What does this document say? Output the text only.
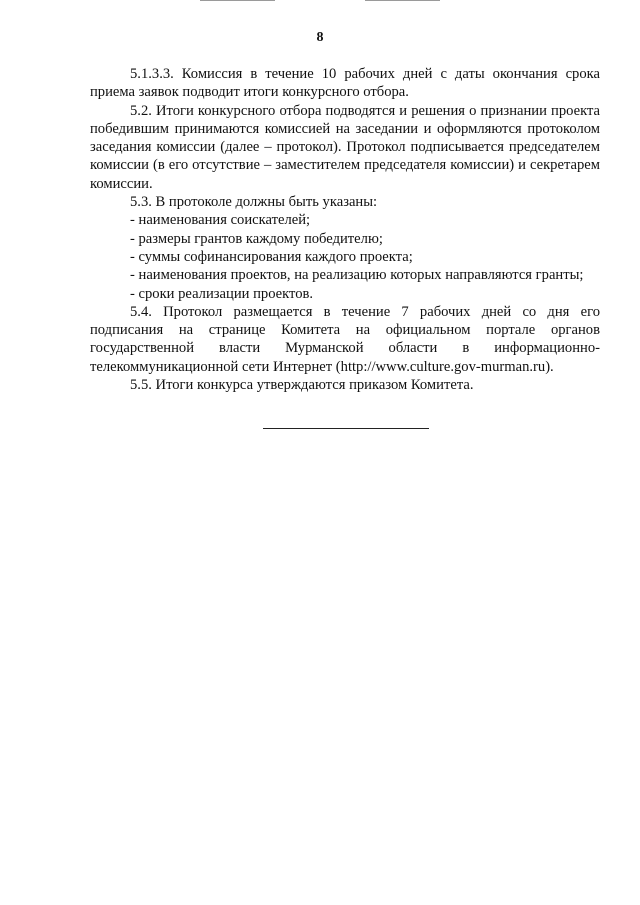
8

5.1.3.3. Комиссия в течение 10 рабочих дней с даты окончания срока приема заявок подводит итоги конкурсного отбора.

5.2. Итоги конкурсного отбора подводятся и решения о признании проекта победившим принимаются комиссией на заседании и оформляются протоколом заседания комиссии (далее – протокол). Протокол подписывается председателем комиссии (в его отсутствие – заместителем председателя комиссии) и секретарем комиссии.

5.3. В протоколе должны быть указаны:

- наименования соискателей;

- размеры грантов каждому победителю;

- суммы софинансирования каждого проекта;

- наименования проектов, на реализацию которых направляются гранты;

- сроки реализации проектов.

5.4. Протокол размещается в течение 7 рабочих дней со дня его подписания на странице Комитета на официальном портале органов государственной власти Мурманской области в информационно-телекоммуникационной сети Интернет (http://www.culture.gov-murman.ru).

5.5. Итоги конкурса утверждаются приказом Комитета.
